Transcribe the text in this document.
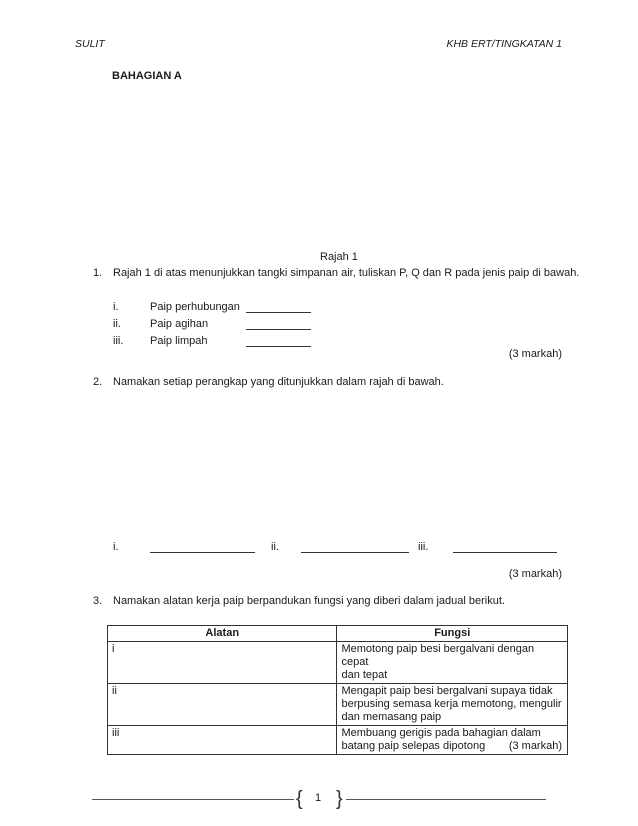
SULIT	KHB ERT/TINGKATAN 1
BAHAGIAN A
Rajah 1
1. Rajah 1 di atas menunjukkan tangki simpanan air, tuliskan P, Q dan R pada jenis paip di bawah.
i.	Paip perhubungan
ii.	Paip agihan
iii. Paip limpah
(3 markah)
2. Namakan setiap perangkap yang ditunjukkan dalam rajah di bawah.
i.	ii.	iii.
(3 markah)
3. Namakan alatan kerja paip berpandukan fungsi yang diberi dalam jadual berikut.
Alatan	Fungsi
i	Memotong paip besi bergalvani dengan cepat
dan tepat

ii	Mengapit paip besi bergalvani supaya tidak
berpusing semasa kerja memotong, mengulir
dan memasang paip

iii	Membuang gerigis pada bahagian dalam
batang paip selepas dipotong	(3 markah)
{ 1 }
